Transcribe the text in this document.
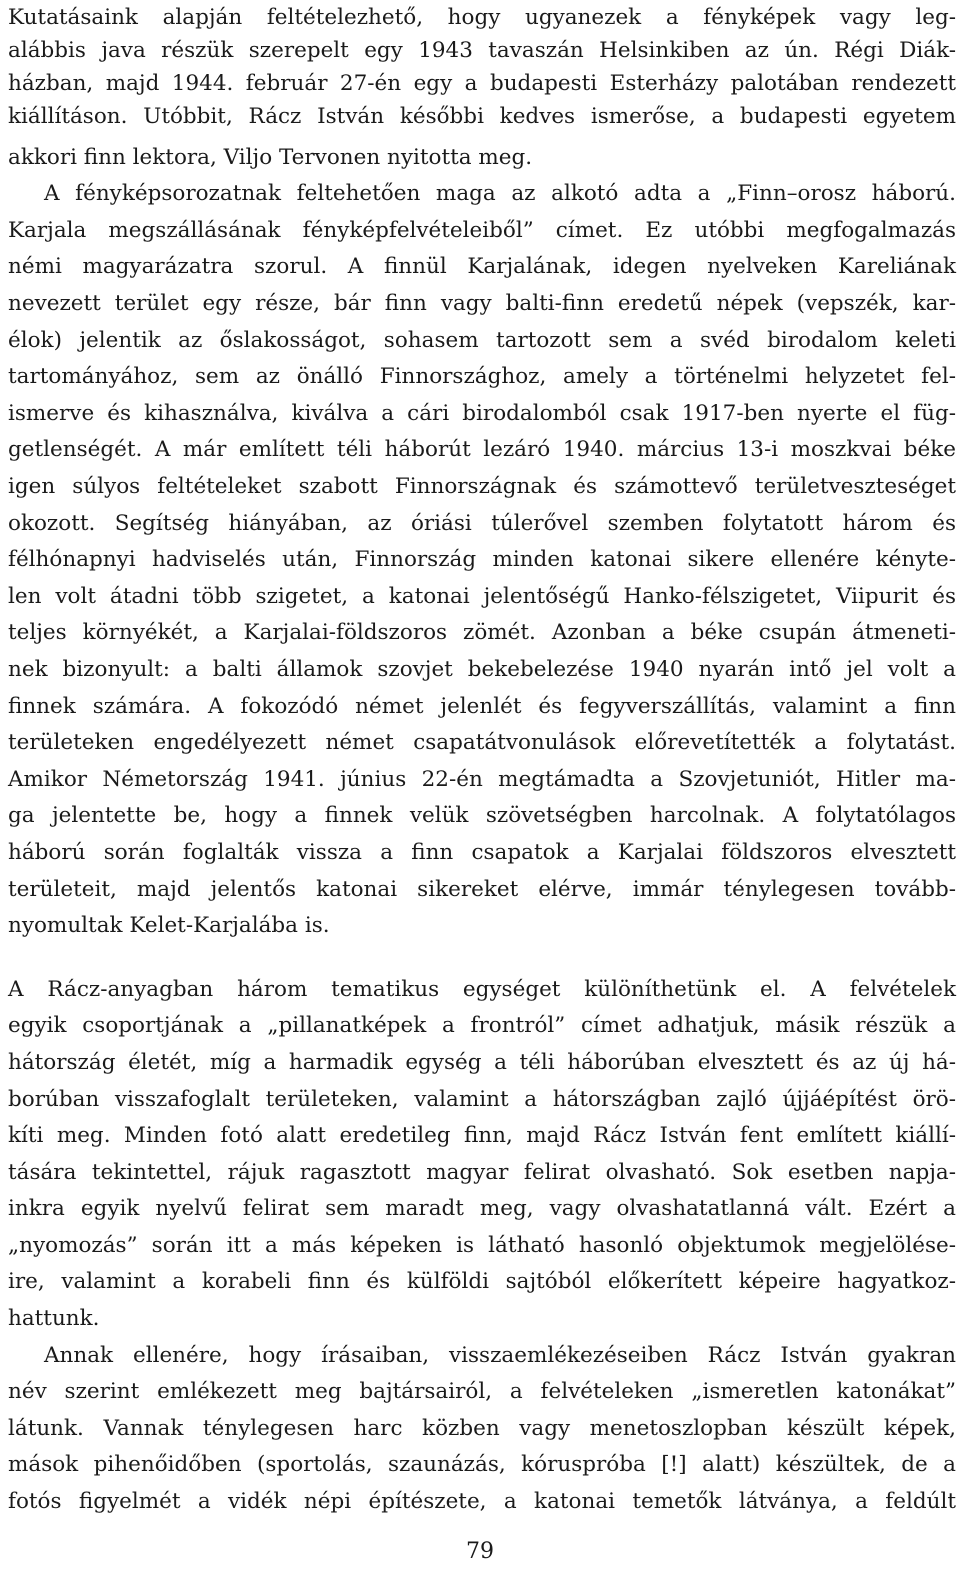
Kutatásaink alapján feltételezhető, hogy ugyanezek a fényképek vagy leg-
alábbis java részük szerepelt egy 1943 tavaszán Helsinkiben az ún. Régi Diák-
házban, majd 1944. február 27-én egy a budapesti Esterházy palotában rendezett
kiállításon. Utóbbit, Rácz István későbbi kedves ismerőse, a budapesti egyetem
akkori finn lektora, Viljo Tervonen nyitotta meg.
A fényképsorozatnak feltehetően maga az alkotó adta a „Finn–orosz háború.
Karjala megszállásának fényképfelvételeiből” címet. Ez utóbbi megfogalmazás
némi magyarázatra szorul. A finnül Karjalának, idegen nyelveken Kareliának
nevezett terület egy része, bár finn vagy balti-finn eredetű népek (vepszék, kar-
élok) jelentik az őslakosságot, sohasem tartozott sem a svéd birodalom keleti
tartományához, sem az önálló Finnországhoz, amely a történelmi helyzetet fel-
ismerve és kihasználva, kiválva a cári birodalomból csak 1917-ben nyerte el füg-
getlenségét. A már említett téli háborút lezáró 1940. március 13-i moszkvai béke
igen súlyos feltételeket szabott Finnországnak és számottevő területveszteséget
okozott. Segítség hiányában, az óriási túlerővel szemben folytatott három és
félhónapnyi hadviselés után, Finnország minden katonai sikere ellenére kényte-
len volt átadni több szigetet, a katonai jelentőségű Hanko-félszigetet, Viipurit és
teljes környékét, a Karjalai-földszoros zömét. Azonban a béke csupán átmeneti-
nek bizonyult: a balti államok szovjet bekebelezése 1940 nyarán intő jel volt a
finnek számára. A fokozódó német jelenlét és fegyverszállítás, valamint a finn
területeken engedélyezett német csapatátvonulások előrevetítették a folytatást.
Amikor Németország 1941. június 22-én megtámadta a Szovjetuniót, Hitler ma-
ga jelentette be, hogy a finnek velük szövetségben harcolnak. A folytatólagos
háború során foglalták vissza a finn csapatok a Karjalai földszoros elvesztett
területeit, majd jelentős katonai sikereket elérve, immár ténylegesen tovább-
nyomultak Kelet-Karjalába is.
A Rácz-anyagban három tematikus egységet különíthetünk el. A felvételek
egyik csoportjának a „pillanatképek a frontról” címet adhatjuk, másik részük a
hátország életét, míg a harmadik egység a téli háborúban elvesztett és az új há-
borúban visszafoglalt területeken, valamint a hátországban zajló újjáépítést örö-
kíti meg. Minden fotó alatt eredetileg finn, majd Rácz István fent említett kiállí-
tására tekintettel, rájuk ragasztott magyar felirat olvasható. Sok esetben napja-
inkra egyik nyelvű felirat sem maradt meg, vagy olvashatatlanná vált. Ezért a
„nyomozás” során itt a más képeken is látható hasonló objektumok megjelölése-
ire, valamint a korabeli finn és külföldi sajtóból előkerített képeire hagyatkoz-
hattunk.
Annak ellenére, hogy írásaiban, visszaemlékezéseiben Rácz István gyakran
név szerint emlékezett meg bajtársairól, a felvételeken „ismeretlen katonákat”
látunk. Vannak ténylegesen harc közben vagy menetoszlopban készült képek,
mások pihenőidőben (sportolás, szaunázás, kóruspróba [!] alatt) készültek, de a
fotós figyelmét a vidék népi építészete, a katonai temetők látványa, a feldúlt
79
